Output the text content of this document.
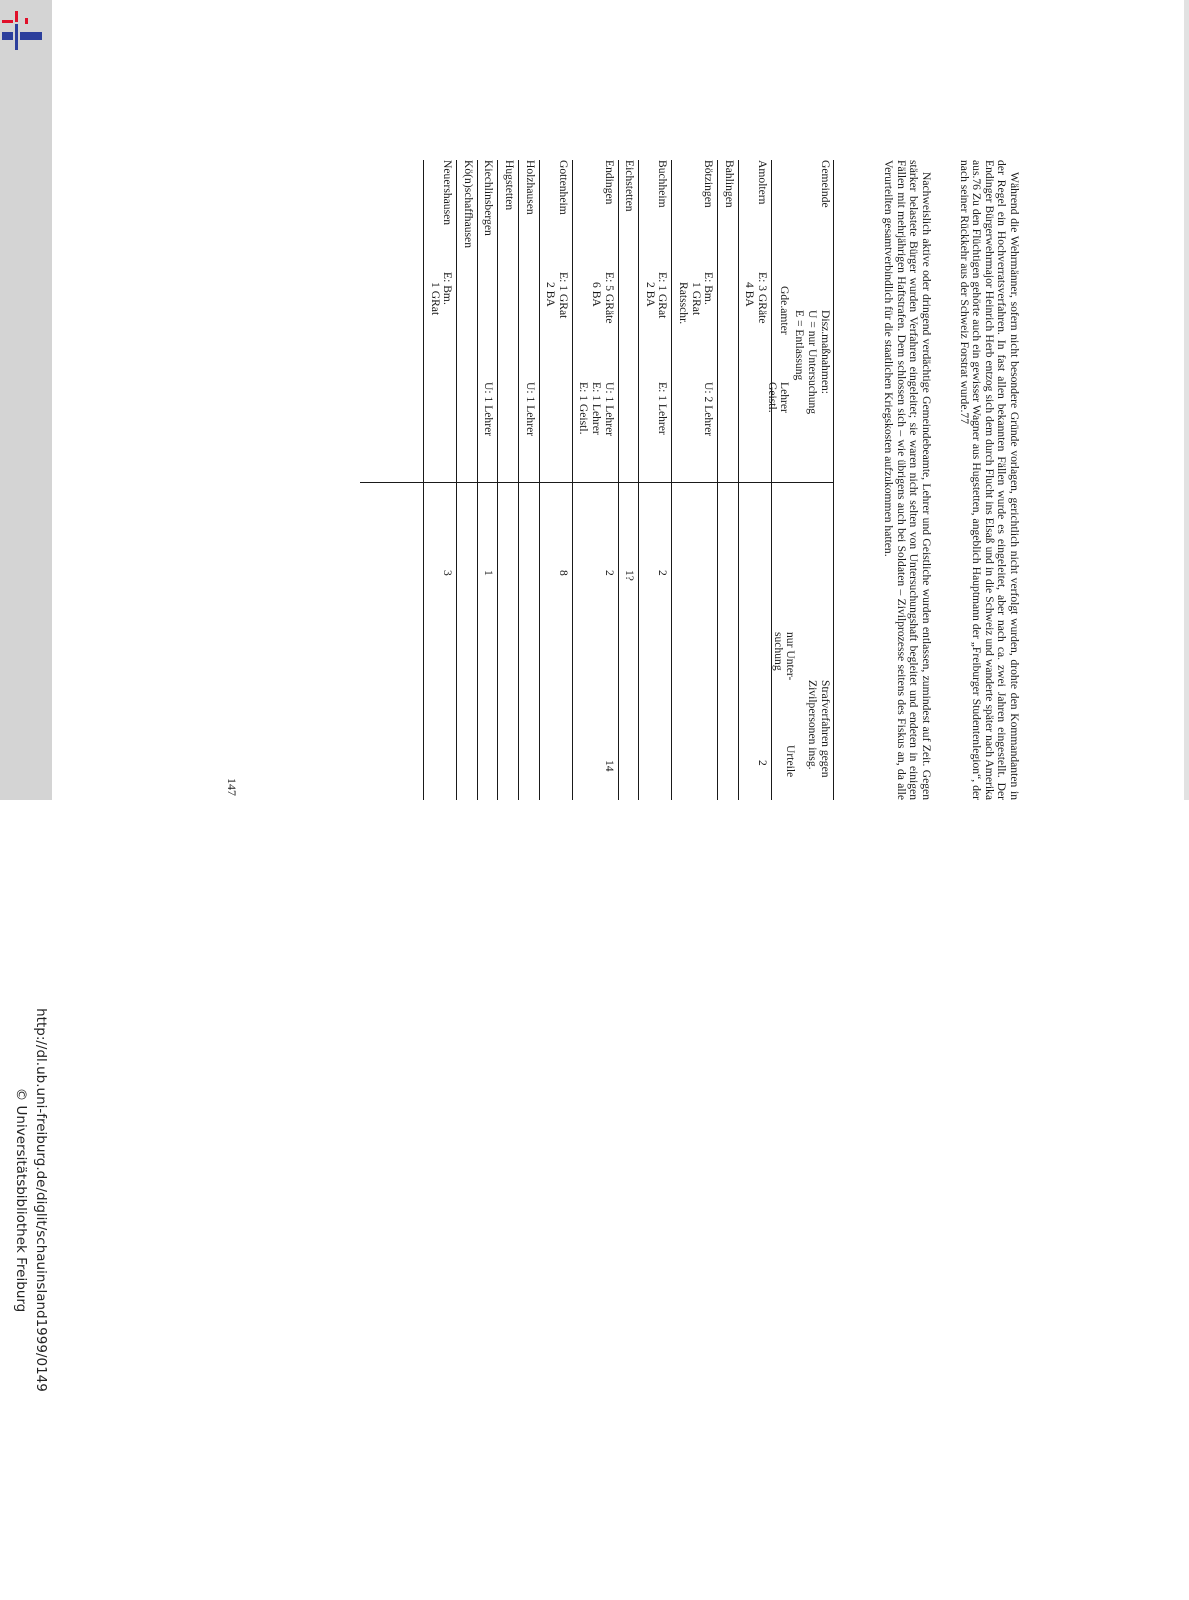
http://dl.ub.uni-freiburg.de/diglit/schauinsland1999/0149
© Universitätsbibliothek Freiburg

Während die Wehrmänner, sofern nicht besondere Gründe vorlagen, gerichtlich nicht verfolgt wurden, drohte den Kommandanten in der Regel ein Hochverratsverfahren. In fast allen bekannten Fällen wurde es eingeleitet, aber nach ca. zwei Jahren eingestellt. Der Endinger Bürgerwehrmajor Heinrich Herb entzog sich dem durch Flucht ins Elsaß und in die Schweiz und wanderte später nach Amerika aus.76 Zu den Flüchtigen gehörte auch ein gewisser Wagner aus Hugstetten, angeblich Hauptmann der „Freiburger Studentenlegion“, der nach seiner Rückkehr aus der Schweiz Forstrat wurde.77

Nachweislich aktive oder dringend verdächtige Gemeindebeamte, Lehrer und Geistliche wurden entlassen, zumindest auf Zeit. Gegen stärker belastete Bürger wurden Verfahren eingeleitet; sie waren nicht selten von Untersuchungshaft begleitet und endeten in einigen Fällen mit mehrjährigen Haftstrafen. Dem schlossen sich – wie übrigens auch bei Soldaten – Zivilprozesse seitens des Fiskus an, da alle Verurteilten gesamtverbindlich für die staatlichen Kriegskosten aufzukommen hatten.

Gemeinde
Disz.maßnahmen:
U = nur Untersuchung
E = Entlassung
Gde.amter
Lehrer
Strafverfahren gegen
Zivilpersonen insg.
nur Unter-
suchung
Urteile
Geistl.
Amoltern
E: 3 GRäte
4 BA
2
Bahlingen
Bötzingen
E: Bm.
1 GRat
Ratsschr.
U: 2 Lehrer
Buchheim
E: 1 GRat
2 BA
E: 1 Lehrer
2
Eichstetten
1?
Endingen
E: 5 GRäte
6 BA
U: 1 Lehrer
E: 1 Lehrer
E: 1 Geistl.
2
14
Gottenheim
E: 1 GRat
2 BA
8
Holzhausen
U: 1 Lehrer
Hugstetten
Kiechlinsbergen
U: 1 Lehrer
1
Kö(n)schaffhausen
Neuershausen
E: Bm.
1 GRat
3
147
